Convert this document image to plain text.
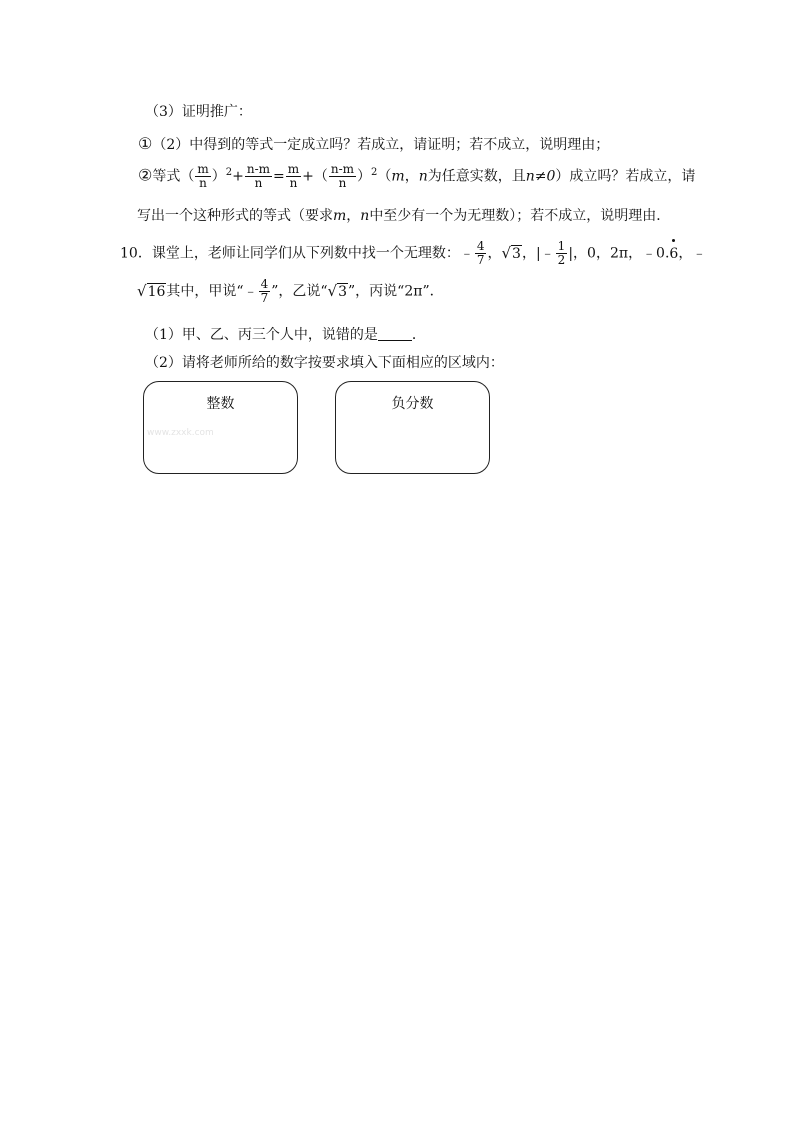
（3）证明推广：
①（2）中得到的等式一定成立吗？若成立，请证明；若不成立，说明理由；
②等式（ $\frac{m}{n} )^2+ \frac{n-m}{n} = \frac{m}{n}$ +（ $\frac{n-m}{n} )^2(m$，n为任意实数，且n≠0）成立吗？若成立，请
写出一个这种形式的等式（要求m，n中至少有一个为无理数）；若不成立，说明理由．
10．课堂上，老师让同学们从下列数中找一个无理数：﹣ $\frac{4}{7}$ ，√3，|﹣ $\frac{1}{2}$ |，0，2π，﹣0.6，﹣
√16其中，甲说“﹣ $\frac{4}{7}$ ”，乙说“√3”，丙说“2π”．
（1）甲、乙、丙三个人中，说错的是 ．
（2）请将老师所给的数字按要求填入下面相应的区域内：
整数	负分数
www.zxxk.com
